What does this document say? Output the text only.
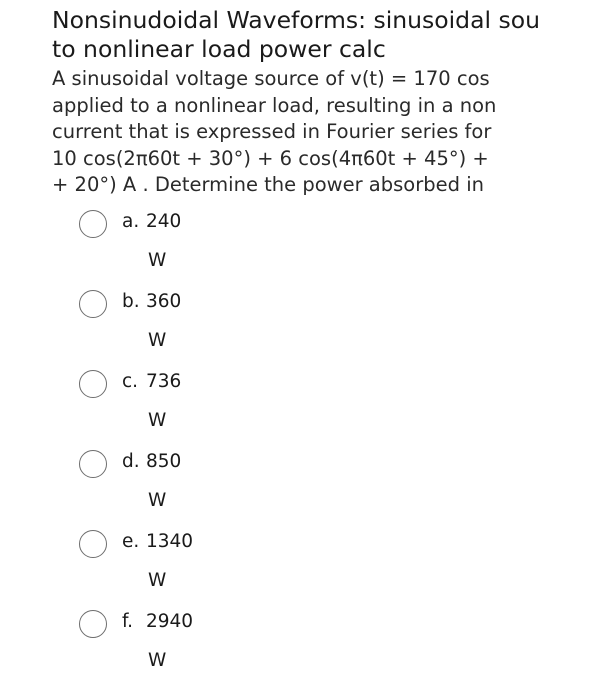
Nonsinudoidal Waveforms: sinusoidal sou
to nonlinear load power calc
A sinusoidal voltage source of v(t) = 170 cos
applied to a nonlinear load, resulting in a non
current that is expressed in Fourier series for
10 cos(2π60t + 30°) + 6 cos(4π60t + 45°) +
+ 20°) A . Determine the power absorbed in
a. 240
W
b. 360
W
c. 736
W
d. 850
W
e. 1340
W
f. 2940
W
